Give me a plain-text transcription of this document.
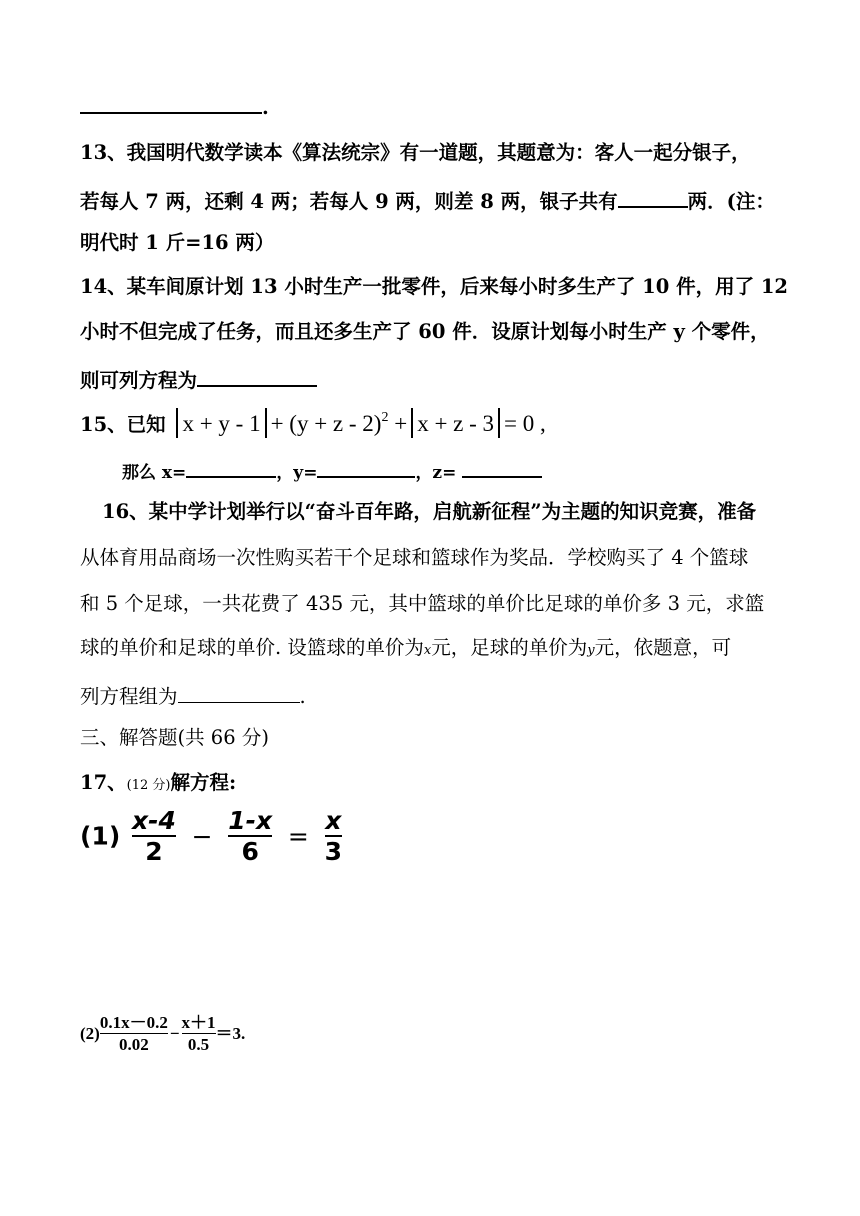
.
13、我国明代数学读本《算法统宗》有一道题，其题意为：客人一起分银子，
若每人 7 两，还剩 4 两；若每人 9 两，则差 8 两，银子共有	两．(注：
明代时 1 斤=16 两）
14、某车间原计划 13 小时生产一批零件，后来每小时多生产了 10 件，用了 12
小时不但完成了任务，而且还多生产了 60 件．设原计划每小时生产 y 个零件，
则可列方程为
15、已知 $x + y - 1 + (y + z - 2)^2 + x + z - 3 = 0$ ,
那么 x=	，y=	，z=
16、某中学计划举行以“奋斗百年路，启航新征程”为主题的知识竞赛，准备
从体育用品商场一次性购买若干个足球和篮球作为奖品．学校购买了 4 个篮球
和 5 个足球，一共花费了 435 元，其中篮球的单价比足球的单价多 3 元，求篮
球的单价和足球的单价. 设篮球的单价为x元，足球的单价为y元，依题意，可
列方程组为	.
三、解答题(共 66 分)
17、(12 分)解方程:
$(1) \frac{x-4}{2} - \frac{1-x}{6} = \frac{x}{3}$
$(2) \frac{0.1x-0.2}{0.02} - \frac{x+1}{0.5} =3$.
